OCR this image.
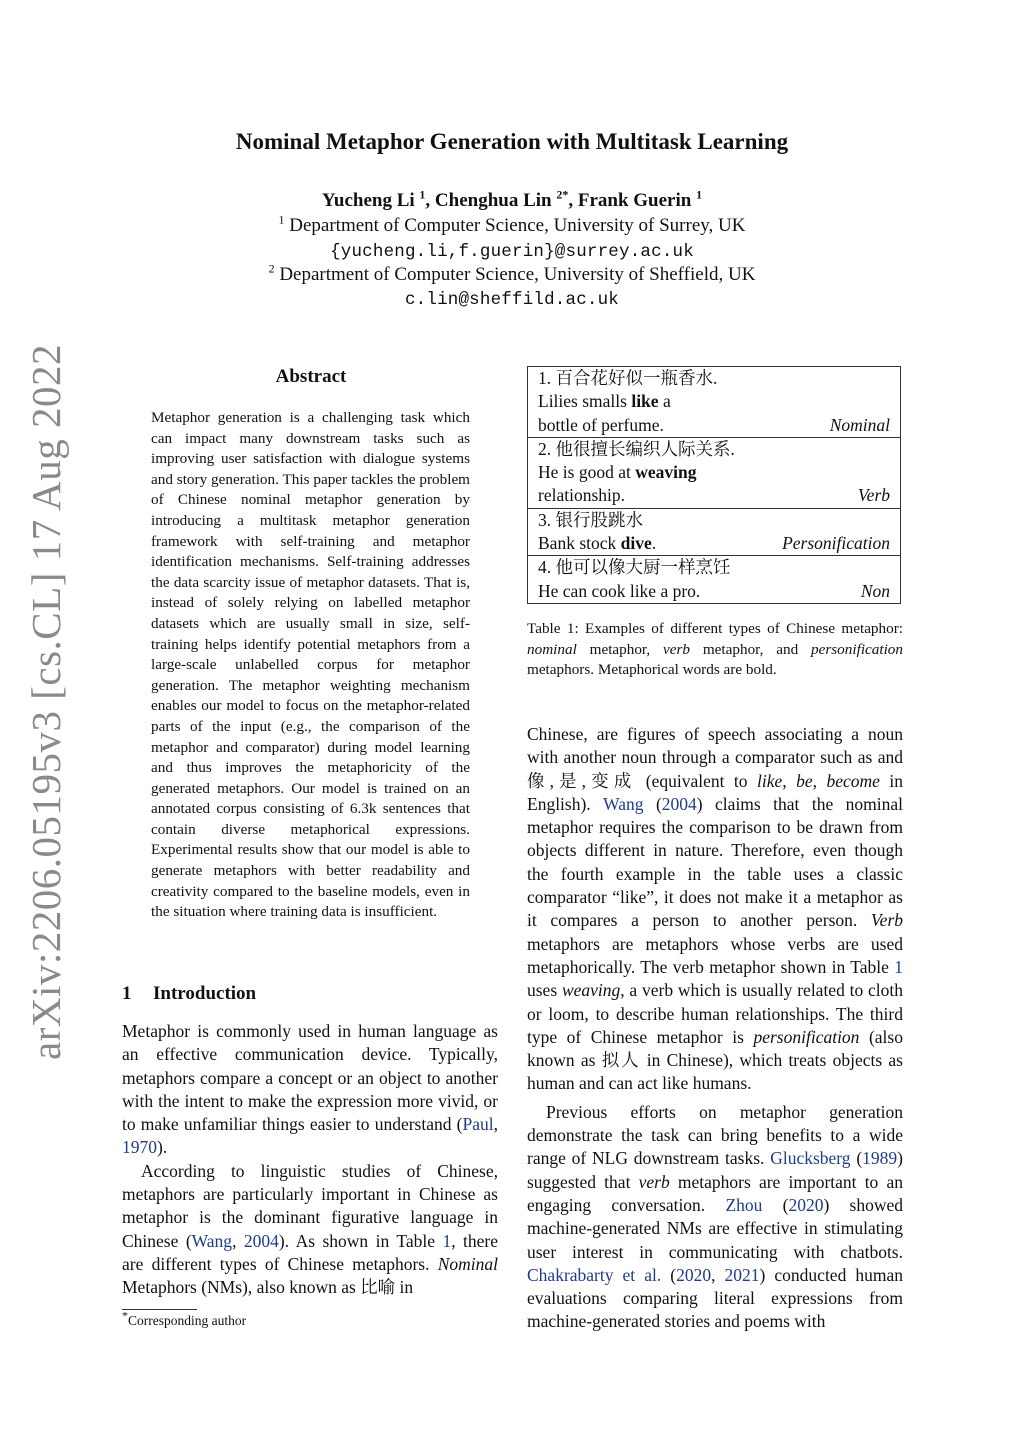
arXiv:2206.05195v3 [cs.CL] 17 Aug 2022
Nominal Metaphor Generation with Multitask Learning
Yucheng Li $^1$, Chenghua Lin $^{2*}$, Frank Guerin $^1$
$^1$ Department of Computer Science, University of Surrey, UK
{yucheng.li,f.guerin}@surrey.ac.uk
$^2$ Department of Computer Science, University of Sheffield, UK
c.lin@sheffild.ac.uk
Abstract
Metaphor generation is a challenging task which can impact many downstream tasks such as improving user satisfaction with dialogue systems and story generation. This paper tackles the problem of Chinese nominal metaphor generation by introducing a multitask metaphor generation framework with self-training and metaphor identification mechanisms. Self-training addresses the data scarcity issue of metaphor datasets. That is, instead of solely relying on labelled metaphor datasets which are usually small in size, self-training helps identify potential metaphors from a large-scale unlabelled corpus for metaphor generation. The metaphor weighting mechanism enables our model to focus on the metaphor-related parts of the input (e.g., the comparison of the metaphor and comparator) during model learning and thus improves the metaphoricity of the generated metaphors. Our model is trained on an annotated corpus consisting of 6.3k sentences that contain diverse metaphorical expressions. Experimental results show that our model is able to generate metaphors with better readability and creativity compared to the baseline models, even in the situation where training data is insufficient.
1 Introduction

Metaphor is commonly used in human language as an effective communication device. Typically, metaphors compare a concept or an object to another with the intent to make the expression more vivid, or to make unfamiliar things easier to understand (Paul, 1970).

According to linguistic studies of Chinese, metaphors are particularly important in Chinese as metaphor is the dominant figurative language in Chinese (Wang, 2004). As shown in Table 1, there are different types of Chinese metaphors. Nominal Metaphors (NMs), also known as 比喻 in

*Corresponding author
1. 百合花好似一瓶香水.
Lilies smalls like a
bottle of perfume.	Nominal
2. 他很擅长编织人际关系.
He is good at weaving
relationship.	Verb
3. 银行股跳水
Bank stock dive.	Personification
4. 他可以像大厨一样烹饪
He can cook like a pro.	Non
Table 1: Examples of different types of Chinese metaphor: nominal metaphor, verb metaphor, and personification metaphors. Metaphorical words are bold.

Chinese, are figures of speech associating a noun with another noun through a comparator such as and 像,是,变成 (equivalent to like, be, become in English). Wang (2004) claims that the nominal metaphor requires the comparison to be drawn from objects different in nature. Therefore, even though the fourth example in the table uses a classic comparator “like”, it does not make it a metaphor as it compares a person to another person. Verb metaphors are metaphors whose verbs are used metaphorically. The verb metaphor shown in Table 1 uses weaving, a verb which is usually related to cloth or loom, to describe human relationships. The third type of Chinese metaphor is personification (also known as 拟人 in Chinese), which treats objects as human and can act like humans.

Previous efforts on metaphor generation demonstrate the task can bring benefits to a wide range of NLG downstream tasks. Glucksberg (1989) suggested that verb metaphors are important to an engaging conversation. Zhou (2020) showed machine-generated NMs are effective in stimulating user interest in communicating with chatbots. Chakrabarty et al. (2020, 2021) conducted human evaluations comparing literal expressions from machine-generated stories and poems with
